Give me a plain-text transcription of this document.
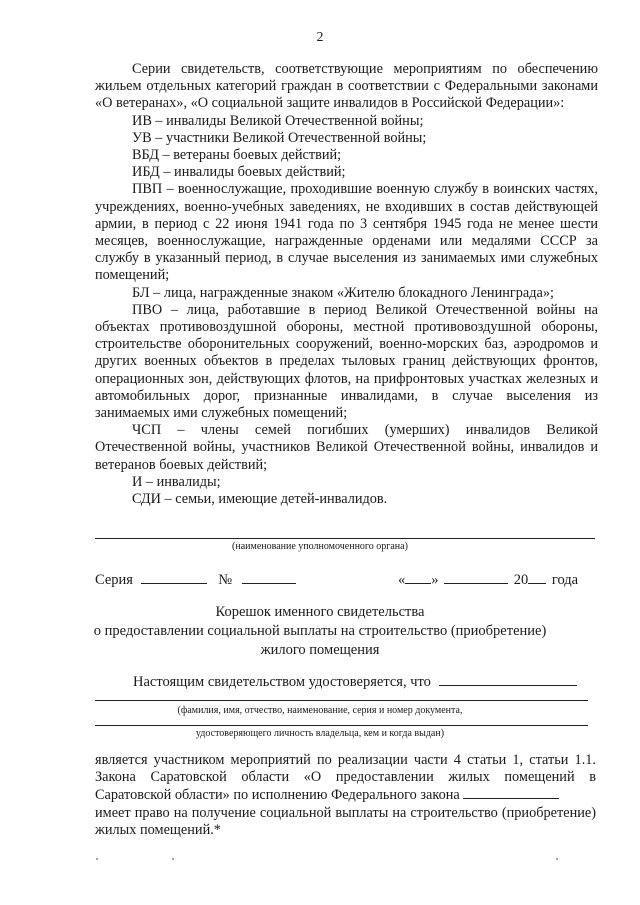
2

Серии свидетельств, соответствующие мероприятиям по обеспечению жильем отдельных категорий граждан в соответствии с Федеральными законами «О ветеранах», «О социальной защите инвалидов в Российской Федерации»:

ИВ – инвалиды Великой Отечественной войны;

УВ – участники Великой Отечественной войны;

ВБД – ветераны боевых действий;

ИБД – инвалиды боевых действий;

ПВП – военнослужащие, проходившие военную службу в воинских частях, учреждениях, военно-учебных заведениях, не входивших в состав действующей армии, в период с 22 июня 1941 года по 3 сентября 1945 года не менее шести месяцев, военнослужащие, награжденные орденами или медалями СССР за службу в указанный период, в случае выселения из занимаемых ими служебных помещений;

БЛ – лица, награжденные знаком «Жителю блокадного Ленинграда»;

ПВО – лица, работавшие в период Великой Отечественной войны на объектах противовоздушной обороны, местной противовоздушной обороны, строительстве оборонительных сооружений, военно-морских баз, аэродромов и других военных объектов в пределах тыловых границ действующих фронтов, операционных зон, действующих флотов, на прифронтовых участках железных и автомобильных дорог, признанные инвалидами, в случае выселения из занимаемых ими служебных помещений;

ЧСП – члены семей погибших (умерших) инвалидов Великой Отечественной войны, участников Великой Отечественной войны, инвалидов и ветеранов боевых действий;

И – инвалиды;

СДИ – семьи, имеющие детей-инвалидов.

(наименование уполномоченного органа)
Серия	№	« »	20 года
Корешок именного свидетельства
о предоставлении социальной выплаты на строительство (приобретение)
жилого помещения
Настоящим свидетельством удостоверяется, что
(фамилия, имя, отчество, наименование, серия и номер документа,
удостоверяющего личность владельца, кем и когда выдан)

является участником мероприятий по реализации части 4 статьи 1, статьи 1.1. Закона Саратовской области «О предоставлении жилых помещений в Саратовской области» по исполнению Федерального закона

имеет право на получение социальной выплаты на строительство (приобретение) жилых помещений.*
